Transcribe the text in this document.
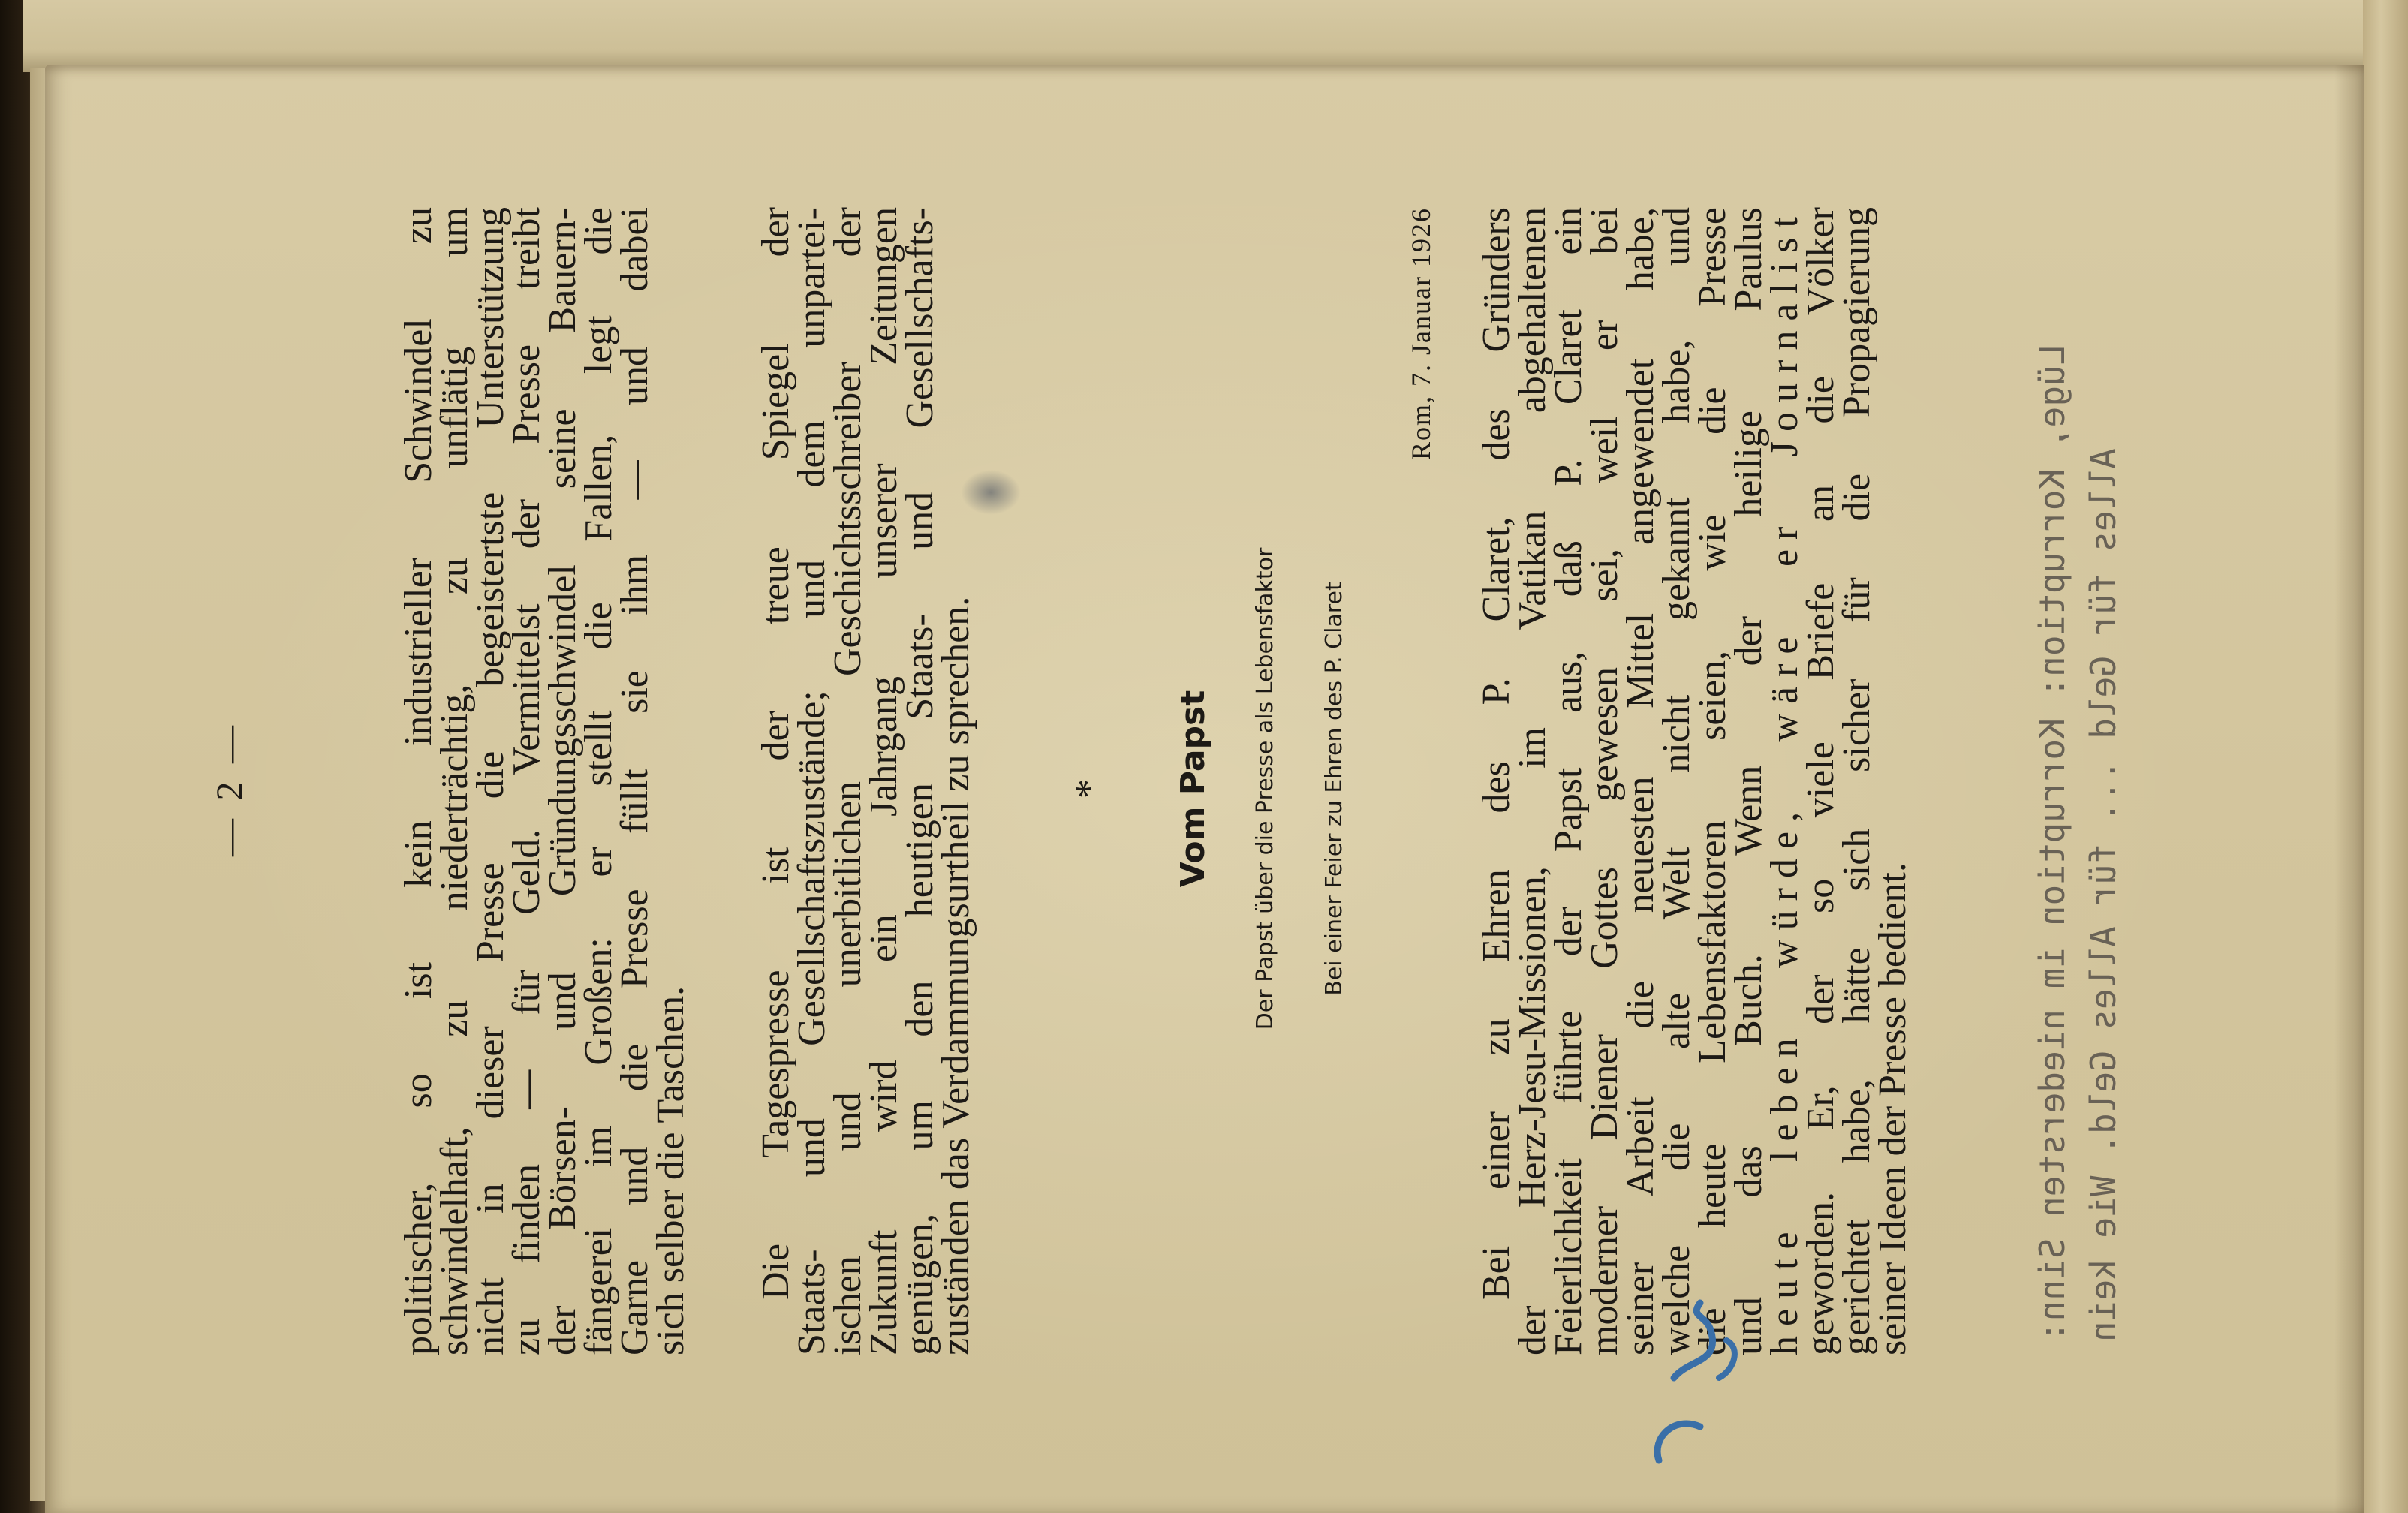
— 2 —	politischer, so ist kein industrieller Schwindel zu
schwindelhaft, zu niederträchtig, zu unflätig um
nicht in dieser Presse die begeistertste Unterstützung
zu finden — für Geld. Vermittelst der Presse treibt
der Börsen- und Gründungsschwindel seine Bauern-
fängerei im Großen: er stellt die Fallen, legt die
Garne und die Presse füllt sie ihm — und dabei
sich selber die Taschen. Die Tagespresse ist der treue Spiegel der
Staats- und Gesellschaftszustände; und dem unpartei-
ischen und unerbitlichen Geschichtsschreiber der
Zukunft wird ein Jahrgang unserer Zeitungen
genügen, um den heutigen Staats- und Gesellschafts-
zuständen das Verdammungsurtheil zu sprechen. * Vom Papst Der Papst über die Presse als Lebensfaktor Bei einer Feier zu Ehren des P. Claret
Rom, 7. Januar 1926 Bei einer zu Ehren des P. Claret, des Gründers
der Herz-Jesu-Missionen, im Vatikan abgehaltenen
Feierlichkeit führte der Papst aus, daß P. Claret ein
moderner Diener Gottes gewesen sei, weil er bei
seiner Arbeit die neuesten Mittel angewendet habe,
welche die alte Welt nicht gekannt habe, und
die heute Lebensfaktoren seien, wie die Presse
und das Buch. Wenn der heilige Paulus
heute leben würde, wäre er Journalist
geworden. Er, der so viele Briefe an die Völker
gerichtet habe, hätte sich sicher für die Propagierung
seiner Ideen der Presse bedient.	Lüge, Korruption: Korruption im niedersten Sinn: Alles für Geld ... für Alles Geld. Wie kein
